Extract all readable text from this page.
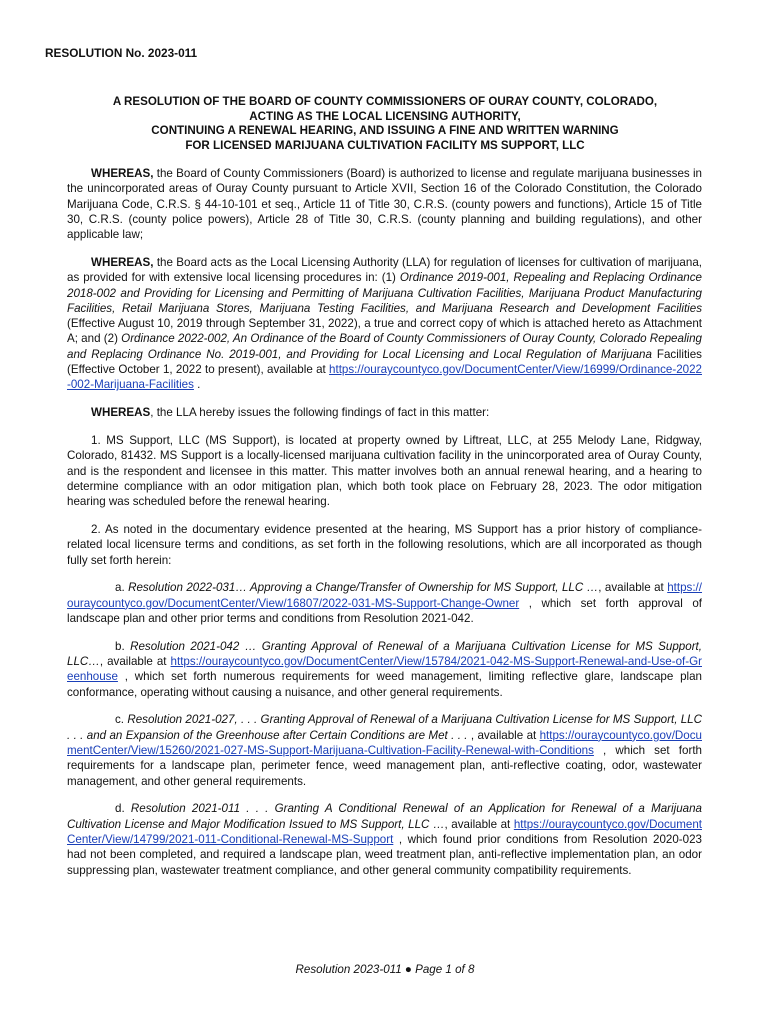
RESOLUTION No. 2023-011
A RESOLUTION OF THE BOARD OF COUNTY COMMISSIONERS OF OURAY COUNTY, COLORADO,
ACTING AS THE LOCAL LICENSING AUTHORITY,
CONTINUING A RENEWAL HEARING, AND ISSUING A FINE AND WRITTEN WARNING
FOR LICENSED MARIJUANA CULTIVATION FACILITY MS SUPPORT, LLC

WHEREAS, the Board of County Commissioners (Board) is authorized to license and regulate marijuana businesses in the unincorporated areas of Ouray County pursuant to Article XVII, Section 16 of the Colorado Constitution, the Colorado Marijuana Code, C.R.S. § 44-10-101 et seq., Article 11 of Title 30, C.R.S. (county powers and functions), Article 15 of Title 30, C.R.S. (county police powers), Article 28 of Title 30, C.R.S. (county planning and building regulations), and other applicable law;

WHEREAS, the Board acts as the Local Licensing Authority (LLA) for regulation of licenses for cultivation of marijuana, as provided for with extensive local licensing procedures in: (1) Ordinance 2019-001, Repealing and Replacing Ordinance 2018-002 and Providing for Licensing and Permitting of Marijuana Cultivation Facilities, Marijuana Product Manufacturing Facilities, Retail Marijuana Stores, Marijuana Testing Facilities, and Marijuana Research and Development Facilities (Effective August 10, 2019 through September 31, 2022), a true and correct copy of which is attached hereto as Attachment A; and (2) Ordinance 2022-002, An Ordinance of the Board of County Commissioners of Ouray County, Colorado Repealing and Replacing Ordinance No. 2019-001, and Providing for Local Licensing and Local Regulation of Marijuana Facilities (Effective October 1, 2022 to present), available at https://ouraycountyco.gov/DocumentCenter/View/16999/Ordinance-2022-002-Marijuana-Facilities .

WHEREAS, the LLA hereby issues the following findings of fact in this matter:

1. MS Support, LLC (MS Support), is located at property owned by Liftreat, LLC, at 255 Melody Lane, Ridgway, Colorado, 81432. MS Support is a locally-licensed marijuana cultivation facility in the unincorporated area of Ouray County, and is the respondent and licensee in this matter. This matter involves both an annual renewal hearing, and a hearing to determine compliance with an odor mitigation plan, which both took place on February 28, 2023. The odor mitigation hearing was scheduled before the renewal hearing.

2. As noted in the documentary evidence presented at the hearing, MS Support has a prior history of compliance-related local licensure terms and conditions, as set forth in the following resolutions, which are all incorporated as though fully set forth herein:

a. Resolution 2022-031… Approving a Change/Transfer of Ownership for MS Support, LLC …, available at https://ouraycountyco.gov/DocumentCenter/View/16807/2022-031-MS-Support-Change-Owner , which set forth approval of landscape plan and other prior terms and conditions from Resolution 2021-042.

b. Resolution 2021-042 … Granting Approval of Renewal of a Marijuana Cultivation License for MS Support, LLC…, available at https://ouraycountyco.gov/DocumentCenter/View/15784/2021-042-MS-Support-Renewal-and-Use-of-Greenhouse , which set forth numerous requirements for weed management, limiting reflective glare, landscape plan conformance, operating without causing a nuisance, and other general requirements.

c. Resolution 2021-027, . . . Granting Approval of Renewal of a Marijuana Cultivation License for MS Support, LLC . . . and an Expansion of the Greenhouse after Certain Conditions are Met . . . , available at https://ouraycountyco.gov/DocumentCenter/View/15260/2021-027-MS-Support-Marijuana-Cultivation-Facility-Renewal-with-Conditions , which set forth requirements for a landscape plan, perimeter fence, weed management plan, anti-reflective coating, odor, wastewater management, and other general requirements.

d. Resolution 2021-011 . . . Granting A Conditional Renewal of an Application for Renewal of a Marijuana Cultivation License and Major Modification Issued to MS Support, LLC …, available at https://ouraycountyco.gov/DocumentCenter/View/14799/2021-011-Conditional-Renewal-MS-Support , which found prior conditions from Resolution 2020-023 had not been completed, and required a landscape plan, weed treatment plan, anti-reflective implementation plan, an odor suppressing plan, wastewater treatment compliance, and other general community compatibility requirements.

Resolution 2023-011 ● Page 1 of 8
